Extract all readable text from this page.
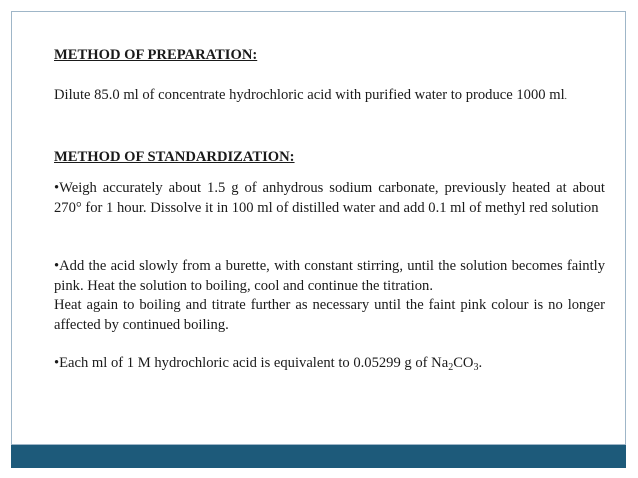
METHOD OF PREPARATION:

Dilute 85.0 ml of concentrate hydrochloric acid with purified water to produce 1000 ml.

METHOD OF STANDARDIZATION:

•Weigh accurately about 1.5 g of anhydrous sodium carbonate, previously heated at about 270° for 1 hour. Dissolve it in 100 ml of distilled water and add 0.1 ml of methyl red solution

•Add the acid slowly from a burette, with constant stirring, until the solution becomes faintly pink. Heat the solution to boiling, cool and continue the titration.

Heat again to boiling and titrate further as necessary until the faint pink colour is no longer affected by continued boiling.

•Each ml of 1 M hydrochloric acid is equivalent to 0.05299 g of $Na_2CO_3$.
